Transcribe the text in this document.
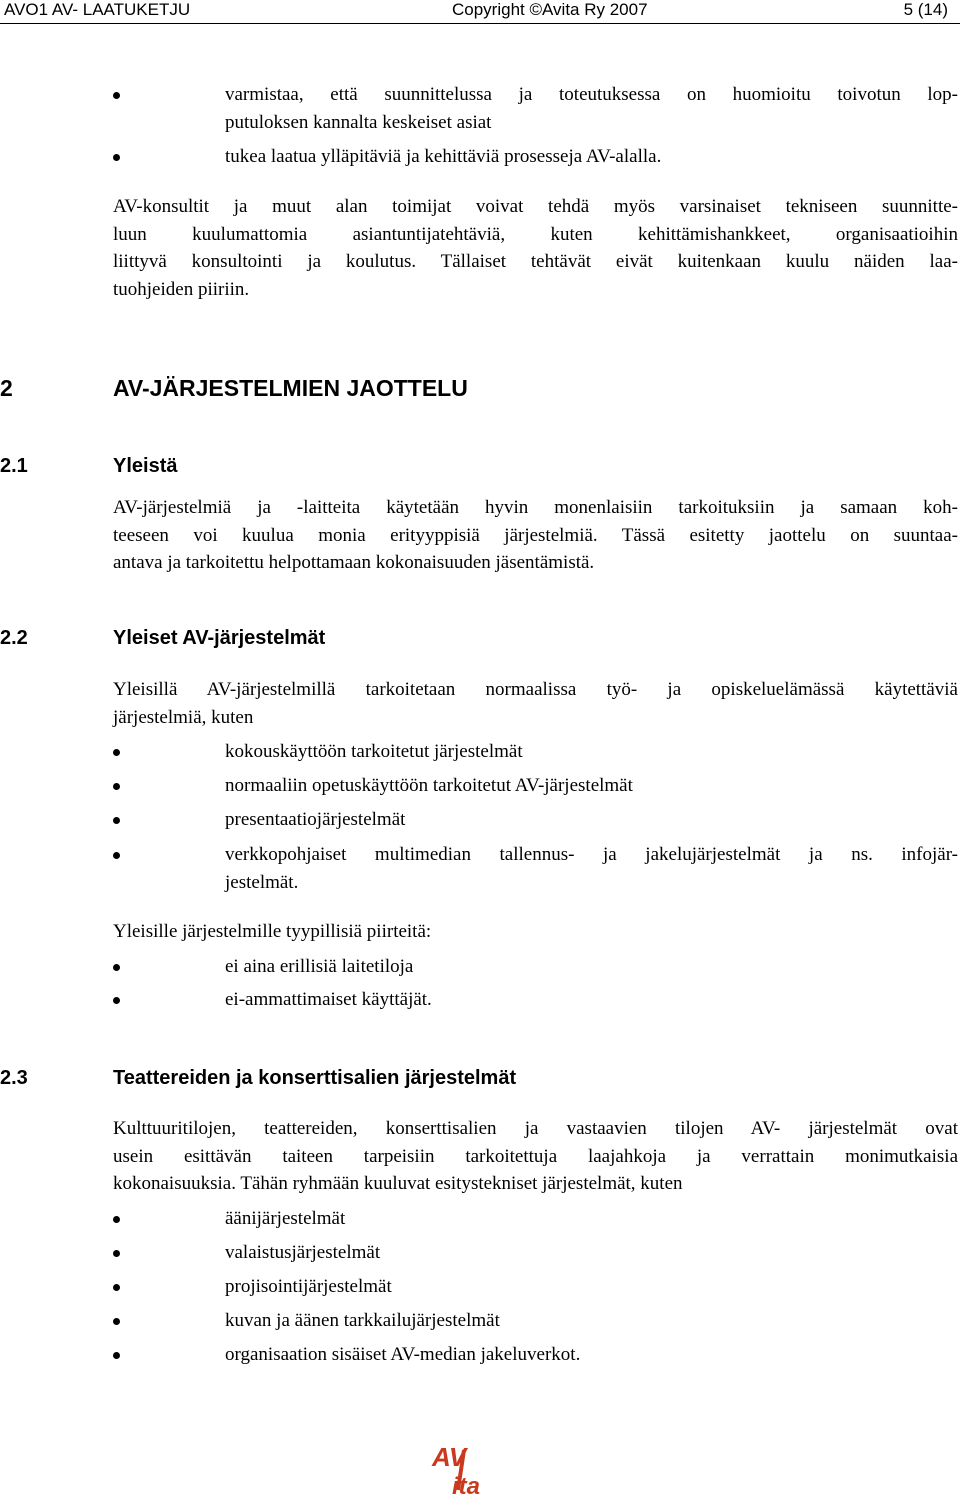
AVO1 AV- LAATUKETJU	Copyright ©Avita Ry 2007	5 (14)
varmistaa, että suunnittelussa ja toteutuksessa on huomioitu toivotun lop-
putuloksen kannalta keskeiset asiat
tukea laatua ylläpitäviä ja kehittäviä prosesseja AV-alalla.
AV-konsultit ja muut alan toimijat voivat tehdä myös varsinaiset tekniseen suunnitte-
luun kuulumattomia asiantuntijatehtäviä, kuten kehittämishankkeet, organisaatioihin
liittyvä konsultointi ja koulutus. Tällaiset tehtävät eivät kuitenkaan kuulu näiden laa-
tuohjeiden piiriin.
2	AV-JÄRJESTELMIEN JAOTTELU
2.1	Yleistä
AV-järjestelmiä ja -laitteita käytetään hyvin monenlaisiin tarkoituksiin ja samaan koh-
teeseen voi kuulua monia erityyppisiä järjestelmiä. Tässä esitetty jaottelu on suuntaa-
antava ja tarkoitettu helpottamaan kokonaisuuden jäsentämistä.
2.2	Yleiset AV-järjestelmät
Yleisillä AV-järjestelmillä tarkoitetaan normaalissa työ- ja opiskeluelämässä käytettäviä
järjestelmiä, kuten
kokouskäyttöön tarkoitetut järjestelmät
normaaliin opetuskäyttöön tarkoitetut AV-järjestelmät
presentaatiojärjestelmät
verkkopohjaiset multimedian tallennus- ja jakelujärjestelmät ja ns. infojär-
jestelmät.
Yleisille järjestelmille tyypillisiä piirteitä:
ei aina erillisiä laitetiloja
ei-ammattimaiset käyttäjät.
2.3	Teattereiden ja konserttisalien järjestelmät
Kulttuuritilojen, teattereiden, konserttisalien ja vastaavien tilojen AV- järjestelmät ovat
usein esittävän taiteen tarpeisiin tarkoitettuja laajahkoja ja verrattain monimutkaisia
kokonaisuuksia. Tähän ryhmään kuuluvat esitystekniset järjestelmät, kuten
äänijärjestelmät
valaistusjärjestelmät
projisointijärjestelmät
kuvan ja äänen tarkkailujärjestelmät
organisaation sisäiset AV-median jakeluverkot.
AV
ita
